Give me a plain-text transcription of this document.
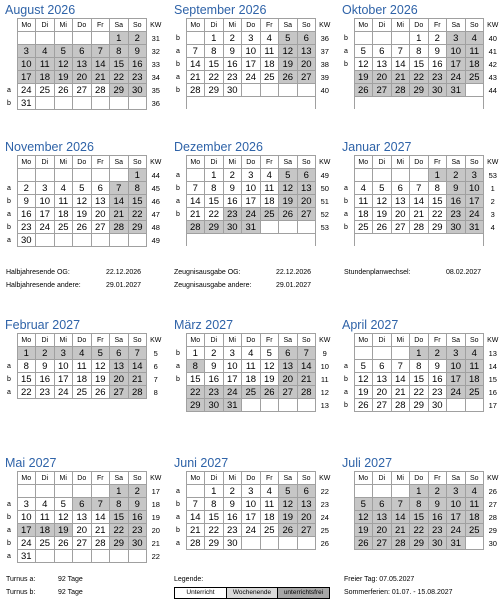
August 2026
	Mo	Di	Mi	Do	Fr	Sa	So	KW
						1	2	31
	3	4	5	6	7	8	9	32
	10	11	12	13	14	15	16	33
	17	18	19	20	21	22	23	34
a	24	25	26	27	28	29	30	35
b	31							36
September 2026
	Mo	Di	Mi	Do	Fr	Sa	So	KW
b		1	2	3	4	5	6	36
a	7	8	9	10	11	12	13	37
b	14	15	16	17	18	19	20	38
a	21	22	23	24	25	26	27	39
b	28	29	30					40

Oktober 2026
	Mo	Di	Mi	Do	Fr	Sa	So	KW
b				1	2	3	4	40
a	5	6	7	8	9	10	11	41
b	12	13	14	15	16	17	18	42
	19	20	21	22	23	24	25	43
	26	27	28	29	30	31		44

November 2026
	Mo	Di	Mi	Do	Fr	Sa	So	KW
							1	44
a	2	3	4	5	6	7	8	45
b	9	10	11	12	13	14	15	46
a	16	17	18	19	20	21	22	47
b	23	24	25	26	27	28	29	48
a	30							49
Dezember 2026
	Mo	Di	Mi	Do	Fr	Sa	So	KW
a		1	2	3	4	5	6	49
b	7	8	9	10	11	12	13	50
a	14	15	16	17	18	19	20	51
b	21	22	23	24	25	26	27	52
	28	29	30	31				53

Januar 2027
	Mo	Di	Mi	Do	Fr	Sa	So	KW
					1	2	3	53
a	4	5	6	7	8	9	10	1
b	11	12	13	14	15	16	17	2
a	18	19	20	21	22	23	24	3
b	25	26	27	28	29	30	31	4

Februar 2027
	Mo	Di	Mi	Do	Fr	Sa	So	KW
	1	2	3	4	5	6	7	5
a	8	9	10	11	12	13	14	6
b	15	16	17	18	19	20	21	7
a	22	23	24	25	26	27	28	8
März 2027
	Mo	Di	Mi	Do	Fr	Sa	So	KW
b	1	2	3	4	5	6	7	9
a	8	9	10	11	12	13	14	10
b	15	16	17	18	19	20	21	11
	22	23	24	25	26	27	28	12
	29	30	31					13
April 2027
	Mo	Di	Mi	Do	Fr	Sa	So	KW
				1	2	3	4	13
a	5	6	7	8	9	10	11	14
b	12	13	14	15	16	17	18	15
a	19	20	21	22	23	24	25	16
b	26	27	28	29	30			17
Mai 2027
	Mo	Di	Mi	Do	Fr	Sa	So	KW
						1	2	17
a	3	4	5	6	7	8	9	18
b	10	11	12	13	14	15	16	19
a	17	18	19	20	21	22	23	20
b	24	25	26	27	28	29	30	21
a	31							22
Juni 2027
	Mo	Di	Mi	Do	Fr	Sa	So	KW
a		1	2	3	4	5	6	22
b	7	8	9	10	11	12	13	23
a	14	15	16	17	18	19	20	24
b	21	22	23	24	25	26	27	25
a	28	29	30					26
Juli 2027
	Mo	Di	Mi	Do	Fr	Sa	So	KW
				1	2	3	4	26
	5	6	7	8	9	10	11	27
	12	13	14	15	16	17	18	28
	19	20	21	22	23	24	25	29
	26	27	28	29	30	31		30
Halbjahresende OG:	22.12.2026
Halbjahresende andere:	29.01.2027
Zeugnisausgabe OG:	22.12.2026
Zeugnisausgabe andere:	29.01.2027
Stundenplanwechsel:	08.02.2027
Turnus a:	92 Tage
Turnus b:	92 Tage
Legende:
Unterricht	Wochenende	unterrichtsfrei
Freier Tag: 07.05.2027
Sommerferien: 01.07. - 15.08.2027
